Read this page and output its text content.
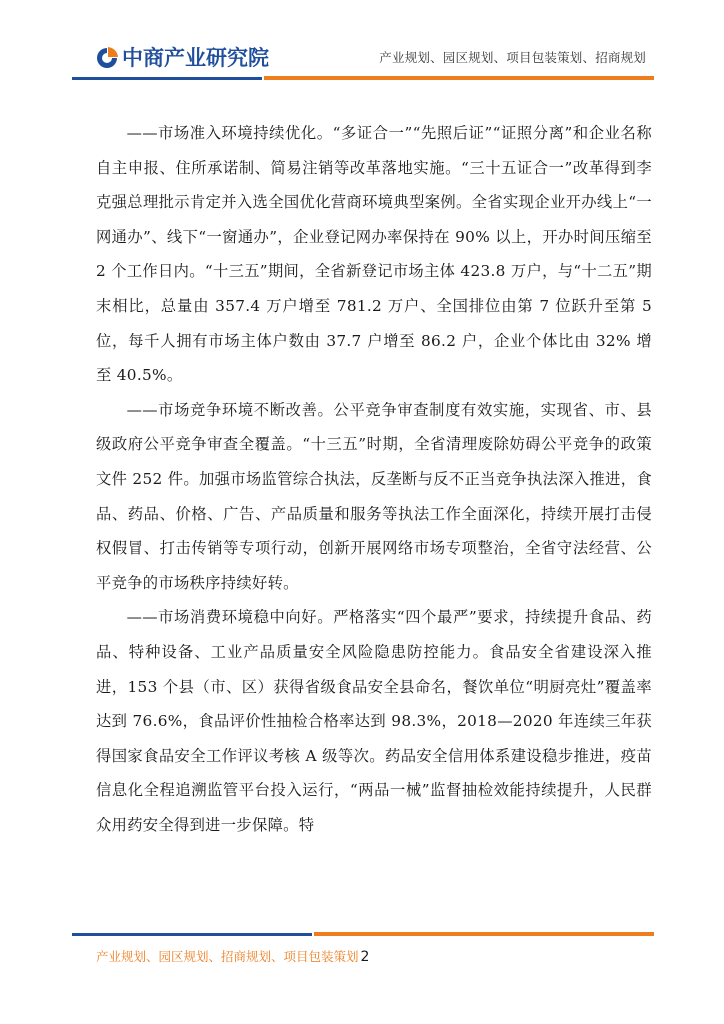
中商产业研究院	产业规划、园区规划、项目包装策划、招商规划

——市场准入环境持续优化。“多证合一”“先照后证”“证照分离”和企业名称自主申报、住所承诺制、简易注销等改革落地实施。“三十五证合一”改革得到李克强总理批示肯定并入选全国优化营商环境典型案例。全省实现企业开办线上“一网通办”、线下“一窗通办”，企业登记网办率保持在 90% 以上，开办时间压缩至 2 个工作日内。“十三五”期间，全省新登记市场主体 423.8 万户，与“十二五”期末相比，总量由 357.4 万户增至 781.2 万户、全国排位由第 7 位跃升至第 5 位，每千人拥有市场主体户数由 37.7 户增至 86.2 户，企业个体比由 32% 增至 40.5%。

——市场竞争环境不断改善。公平竞争审查制度有效实施，实现省、市、县级政府公平竞争审查全覆盖。“十三五”时期，全省清理废除妨碍公平竞争的政策文件 252 件。加强市场监管综合执法，反垄断与反不正当竞争执法深入推进，食品、药品、价格、广告、产品质量和服务等执法工作全面深化，持续开展打击侵权假冒、打击传销等专项行动，创新开展网络市场专项整治，全省守法经营、公平竞争的市场秩序持续好转。

——市场消费环境稳中向好。严格落实“四个最严”要求，持续提升食品、药品、特种设备、工业产品质量安全风险隐患防控能力。食品安全省建设深入推进，153 个县（市、区）获得省级食品安全县命名，餐饮单位“明厨亮灶”覆盖率达到 76.6%，食品评价性抽检合格率达到 98.3%，2018—2020 年连续三年获得国家食品安全工作评议考核 A 级等次。药品安全信用体系建设稳步推进，疫苗信息化全程追溯监管平台投入运行，“两品一械”监督抽检效能持续提升，人民群众用药安全得到进一步保障。特

产业规划、园区规划、招商规划、项目包装策划 2
